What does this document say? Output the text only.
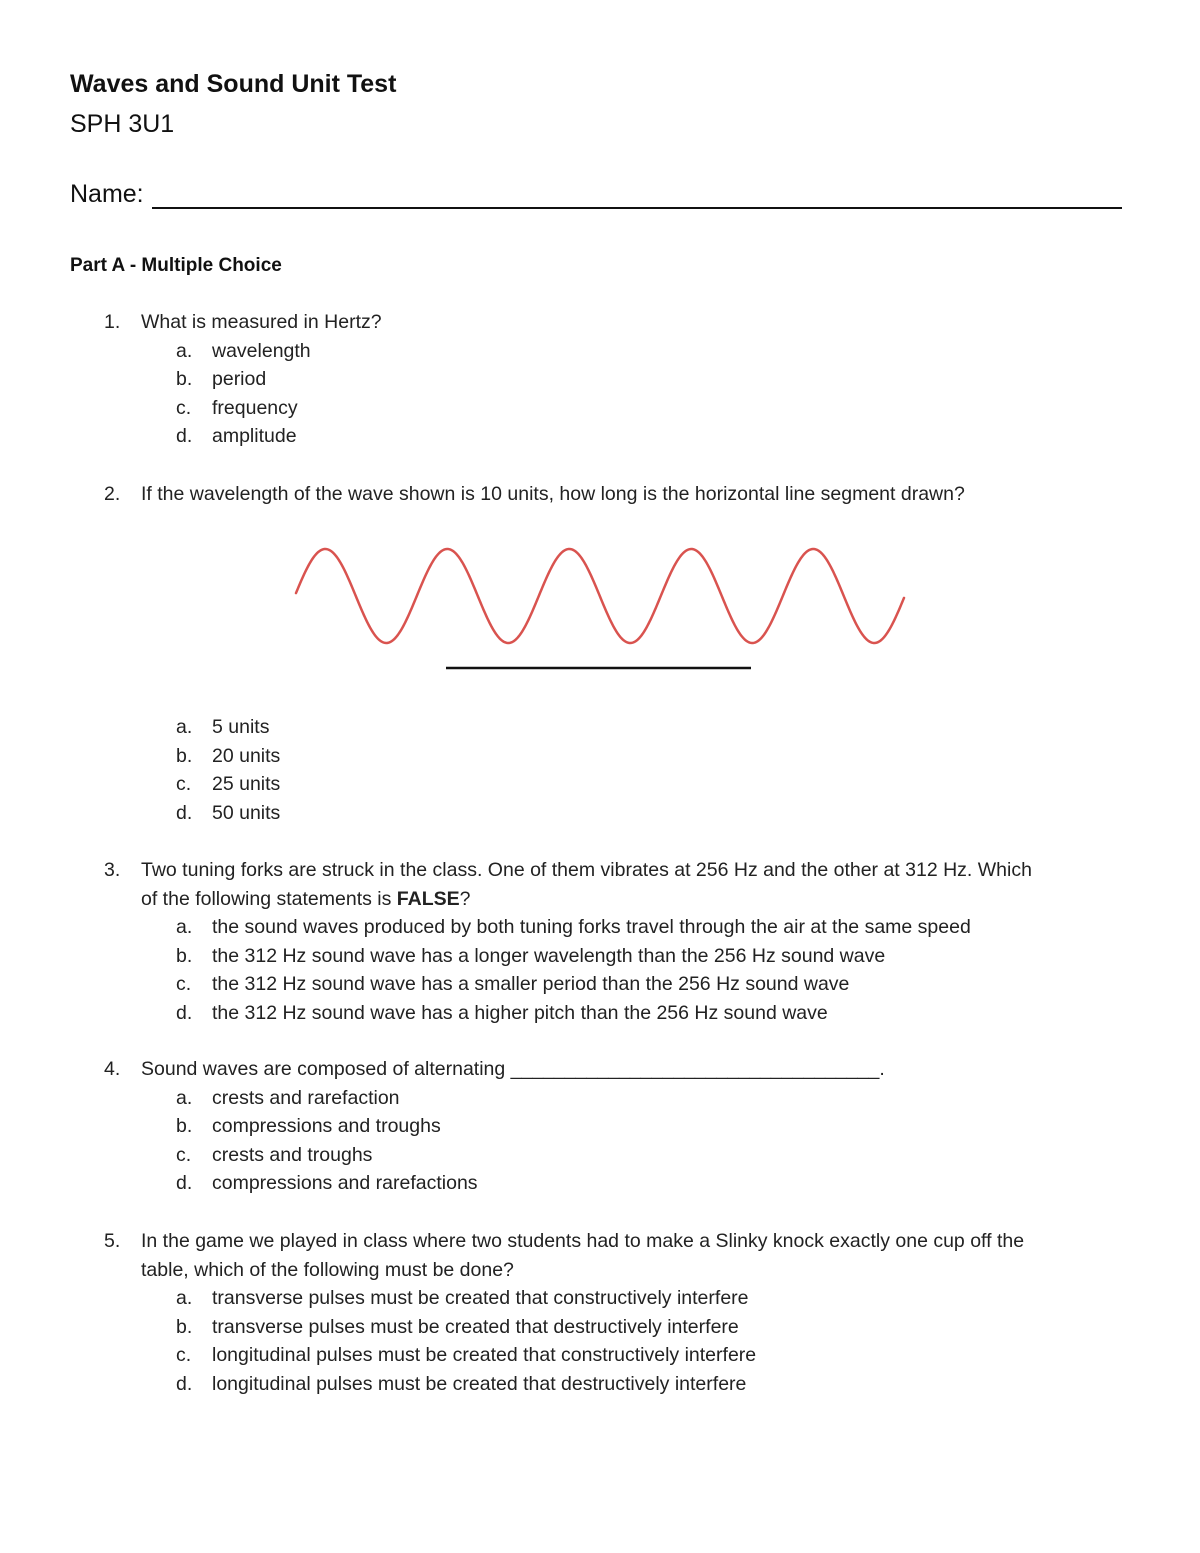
Waves and Sound Unit Test
SPH 3U1
Name:
Part A - Multiple Choice
1. What is measured in Hertz?
a. wavelength
b. period
c. frequency
d. amplitude
2. If the wavelength of the wave shown is 10 units, how long is the horizontal line segment drawn?
a. 5 units
b. 20 units
c. 25 units
d. 50 units
3. Two tuning forks are struck in the class. One of them vibrates at 256 Hz and the other at 312 Hz. Which
of the following statements is FALSE?
a. the sound waves produced by both tuning forks travel through the air at the same speed
b. the 312 Hz sound wave has a longer wavelength than the 256 Hz sound wave
c. the 312 Hz sound wave has a smaller period than the 256 Hz sound wave
d. the 312 Hz sound wave has a higher pitch than the 256 Hz sound wave
4. Sound waves are composed of alternating __________________________________.
a. crests and rarefaction
b. compressions and troughs
c. crests and troughs
d. compressions and rarefactions
5. In the game we played in class where two students had to make a Slinky knock exactly one cup off the
table, which of the following must be done?
a. transverse pulses must be created that constructively interfere
b. transverse pulses must be created that destructively interfere
c. longitudinal pulses must be created that constructively interfere
d. longitudinal pulses must be created that destructively interfere
